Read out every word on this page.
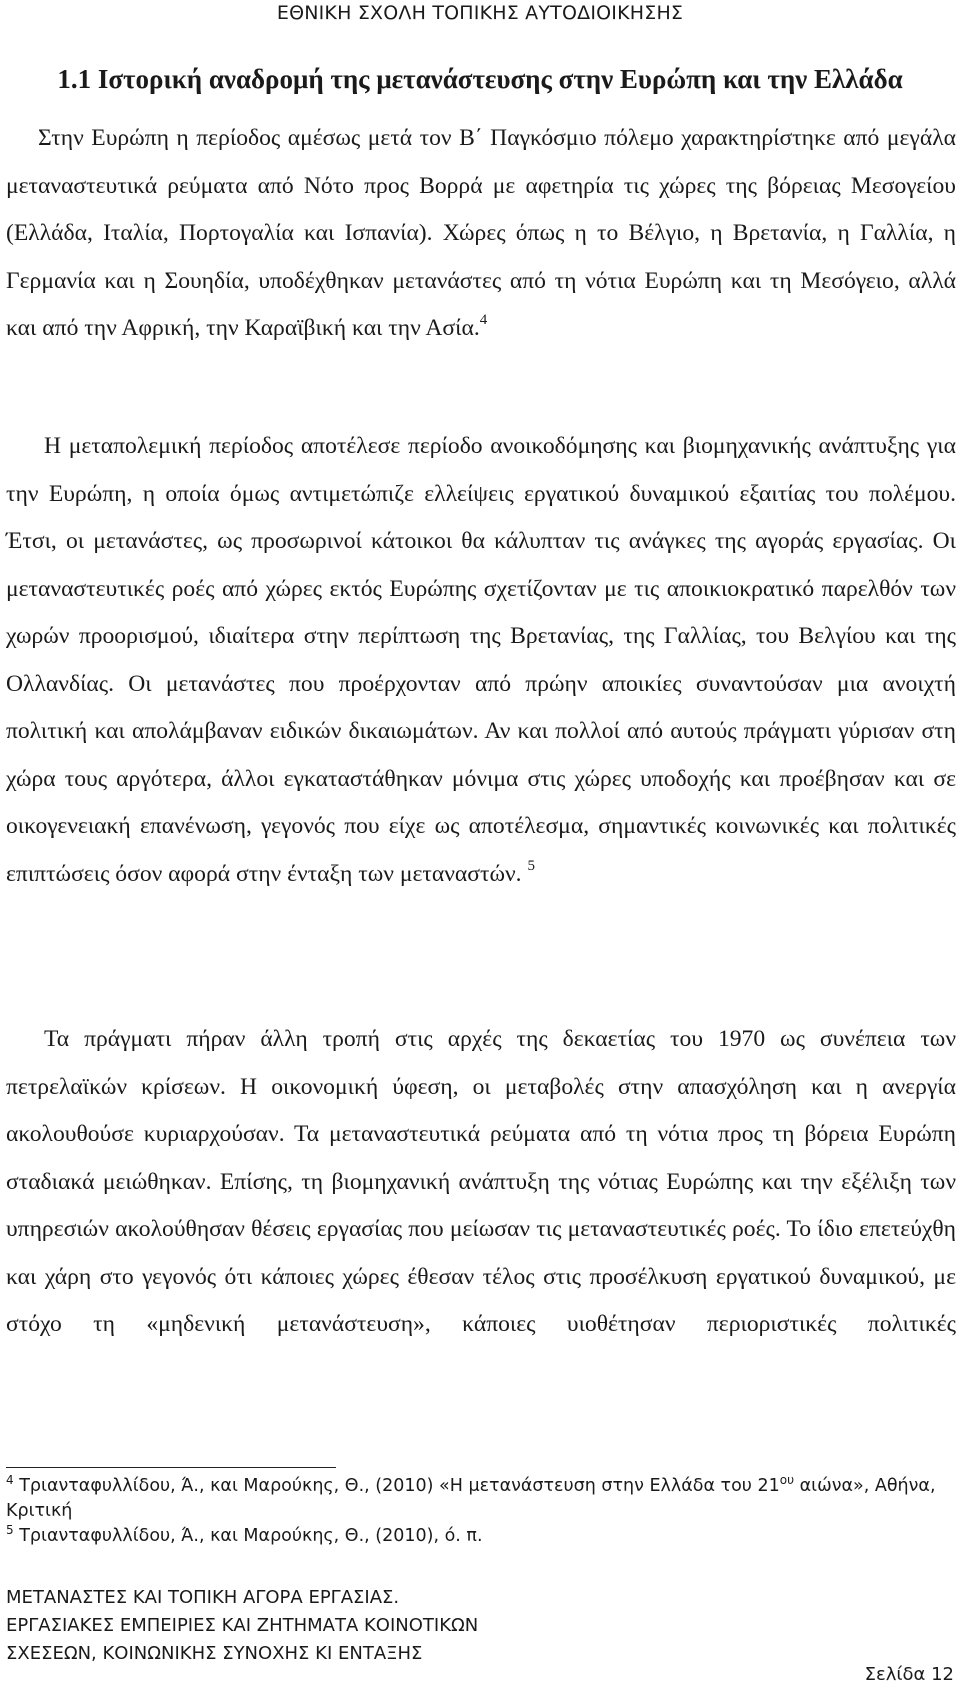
ΕΘΝΙΚΗ ΣΧΟΛΗ ΤΟΠΙΚΗΣ ΑΥΤΟΔΙΟΙΚΗΣΗΣ
1.1 Ιστορική αναδρομή της μετανάστευσης στην Ευρώπη και την Ελλάδα

Στην Ευρώπη η περίοδος αμέσως μετά τον Β΄ Παγκόσμιο πόλεμο χαρακτηρίστηκε από μεγάλα μεταναστευτικά ρεύματα από Νότο προς Βορρά με αφετηρία τις χώρες της βόρειας Μεσογείου (Ελλάδα, Ιταλία, Πορτογαλία και Ισπανία). Χώρες όπως η το Βέλγιο, η Βρετανία, η Γαλλία, η Γερμανία και η Σουηδία, υποδέχθηκαν μετανάστες από τη νότια Ευρώπη και τη Μεσόγειο, αλλά και από την Αφρική, την Καραϊβική και την Ασία.$^4$

Η μεταπολεμική περίοδος αποτέλεσε περίοδο ανοικοδόμησης και βιομηχανικής ανάπτυξης για την Ευρώπη, η οποία όμως αντιμετώπιζε ελλείψεις εργατικού δυναμικού εξαιτίας του πολέμου. Έτσι, οι μετανάστες, ως προσωρινοί κάτοικοι θα κάλυπταν τις ανάγκες της αγοράς εργασίας. Οι μεταναστευτικές ροές από χώρες εκτός Ευρώπης σχετίζονταν με τις αποικιοκρατικό παρελθόν των χωρών προορισμού, ιδιαίτερα στην περίπτωση της Βρετανίας, της Γαλλίας, του Βελγίου και της Ολλανδίας. Οι μετανάστες που προέρχονταν από πρώην αποικίες συναντούσαν μια ανοιχτή πολιτική και απολάμβαναν ειδικών δικαιωμάτων. Αν και πολλοί από αυτούς πράγματι γύρισαν στη χώρα τους αργότερα, άλλοι εγκαταστάθηκαν μόνιμα στις χώρες υποδοχής και προέβησαν και σε οικογενειακή επανένωση, γεγονός που είχε ως αποτέλεσμα, σημαντικές κοινωνικές και πολιτικές επιπτώσεις όσον αφορά στην ένταξη των μεταναστών. $^5$

Τα πράγματι πήραν άλλη τροπή στις αρχές της δεκαετίας του 1970 ως συνέπεια των πετρελαϊκών κρίσεων. Η οικονομική ύφεση, οι μεταβολές στην απασχόληση και η ανεργία ακολουθούσε κυριαρχούσαν. Τα μεταναστευτικά ρεύματα από τη νότια προς τη βόρεια Ευρώπη σταδιακά μειώθηκαν. Επίσης, τη βιομηχανική ανάπτυξη της νότιας Ευρώπης και την εξέλιξη των υπηρεσιών ακολούθησαν θέσεις εργασίας που μείωσαν τις μεταναστευτικές ροές. Το ίδιο επετεύχθη και χάρη στο γεγονός ότι κάποιες χώρες έθεσαν τέλος στις προσέλκυση εργατικού δυναμικού, με στόχο τη «μηδενική μετανάστευση», κάποιες υιοθέτησαν περιοριστικές πολιτικές

$^4$ Τριανταφυλλίδου, Ά., και Μαρούκης, Θ., (2010) «Η μετανάστευση στην Ελλάδα του $21^{o\upsilon}$ αιώνα», Αθήνα, Κριτική
$^5$ Τριανταφυλλίδου, Ά., και Μαρούκης, Θ., (2010), ό. π.
ΜΕΤΑΝΑΣΤΕΣ ΚΑΙ ΤΟΠΙΚΗ ΑΓΟΡΑ ΕΡΓΑΣΙΑΣ.
ΕΡΓΑΣΙΑΚΕΣ ΕΜΠΕΙΡΙΕΣ ΚΑΙ ΖΗΤΗΜΑΤΑ ΚΟΙΝΟΤΙΚΩΝ
ΣΧΕΣΕΩΝ, ΚΟΙΝΩΝΙΚΗΣ ΣΥΝΟΧΗΣ ΚΙ ΕΝΤΑΞΗΣ
Σελίδα 12
